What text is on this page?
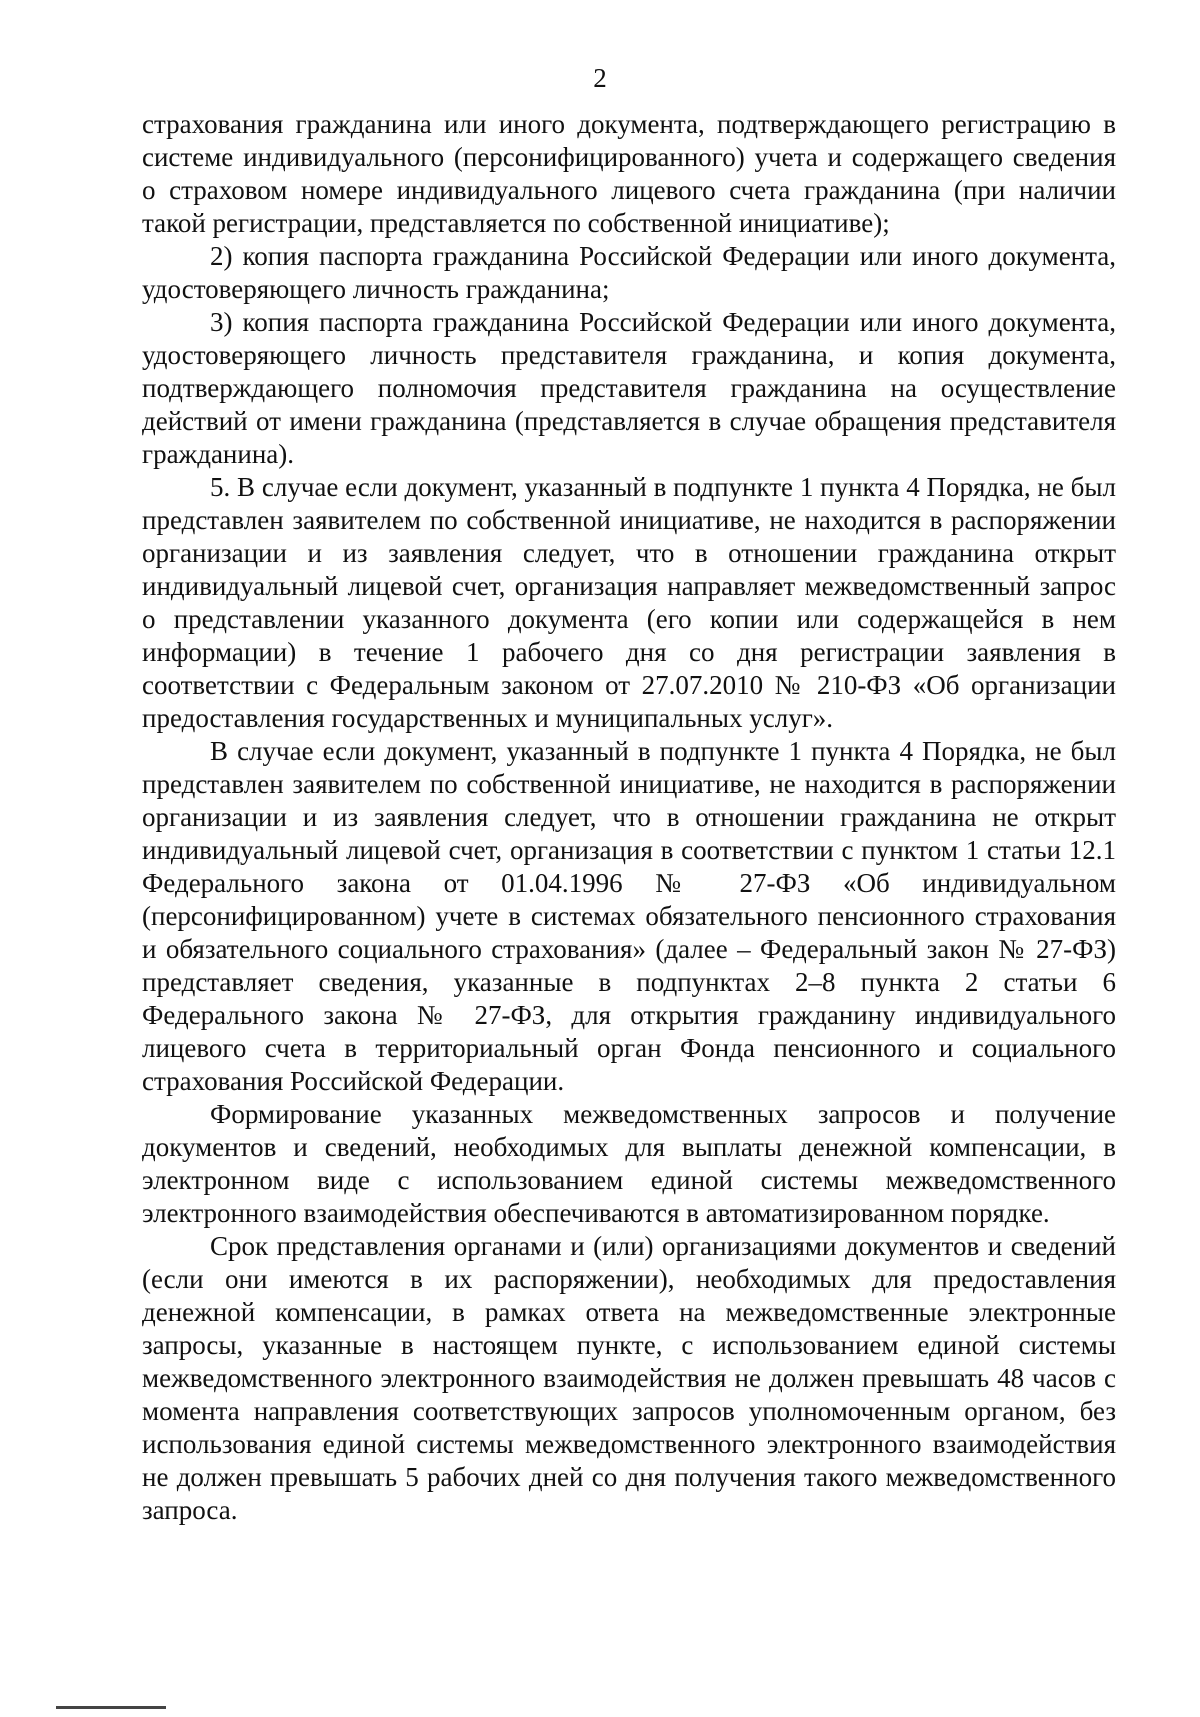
2

страхования гражданина или иного документа, подтверждающего регистрацию в системе индивидуального (персонифицированного) учета и содержащего сведения о страховом номере индивидуального лицевого счета гражданина (при наличии такой регистрации, представляется по собственной инициативе);

2) копия паспорта гражданина Российской Федерации или иного документа, удостоверяющего личность гражданина;

3) копия паспорта гражданина Российской Федерации или иного документа, удостоверяющего личность представителя гражданина, и копия документа, подтверждающего полномочия представителя гражданина на осуществление действий от имени гражданина (представляется в случае обращения представителя гражданина).

5. В случае если документ, указанный в подпункте 1 пункта 4 Порядка, не был представлен заявителем по собственной инициативе, не находится в распоряжении организации и из заявления следует, что в отношении гражданина открыт индивидуальный лицевой счет, организация направляет межведомственный запрос о представлении указанного документа (его копии или содержащейся в нем информации) в течение 1 рабочего дня со дня регистрации заявления в соответствии с Федеральным законом от 27.07.2010 № 210-ФЗ «Об организации предоставления государственных и муниципальных услуг».

В случае если документ, указанный в подпункте 1 пункта 4 Порядка, не был представлен заявителем по собственной инициативе, не находится в распоряжении организации и из заявления следует, что в отношении гражданина не открыт индивидуальный лицевой счет, организация в соответствии с пунктом 1 статьи 12.1 Федерального закона от 01.04.1996 № 27-ФЗ «Об индивидуальном (персонифицированном) учете в системах обязательного пенсионного страхования и обязательного социального страхования» (далее – Федеральный закон № 27-ФЗ) представляет сведения, указанные в подпунктах 2–8 пункта 2 статьи 6 Федерального закона № 27-ФЗ, для открытия гражданину индивидуального лицевого счета в территориальный орган Фонда пенсионного и социального страхования Российской Федерации.

Формирование указанных межведомственных запросов и получение документов и сведений, необходимых для выплаты денежной компенсации, в электронном виде с использованием единой системы межведомственного электронного взаимодействия обеспечиваются в автоматизированном порядке.

Срок представления органами и (или) организациями документов и сведений (если они имеются в их распоряжении), необходимых для предоставления денежной компенсации, в рамках ответа на межведомственные электронные запросы, указанные в настоящем пункте, с использованием единой системы межведомственного электронного взаимодействия не должен превышать 48 часов с момента направления соответствующих запросов уполномоченным органом, без использования единой системы межведомственного электронного взаимодействия не должен превышать 5 рабочих дней со дня получения такого межведомственного запроса.
